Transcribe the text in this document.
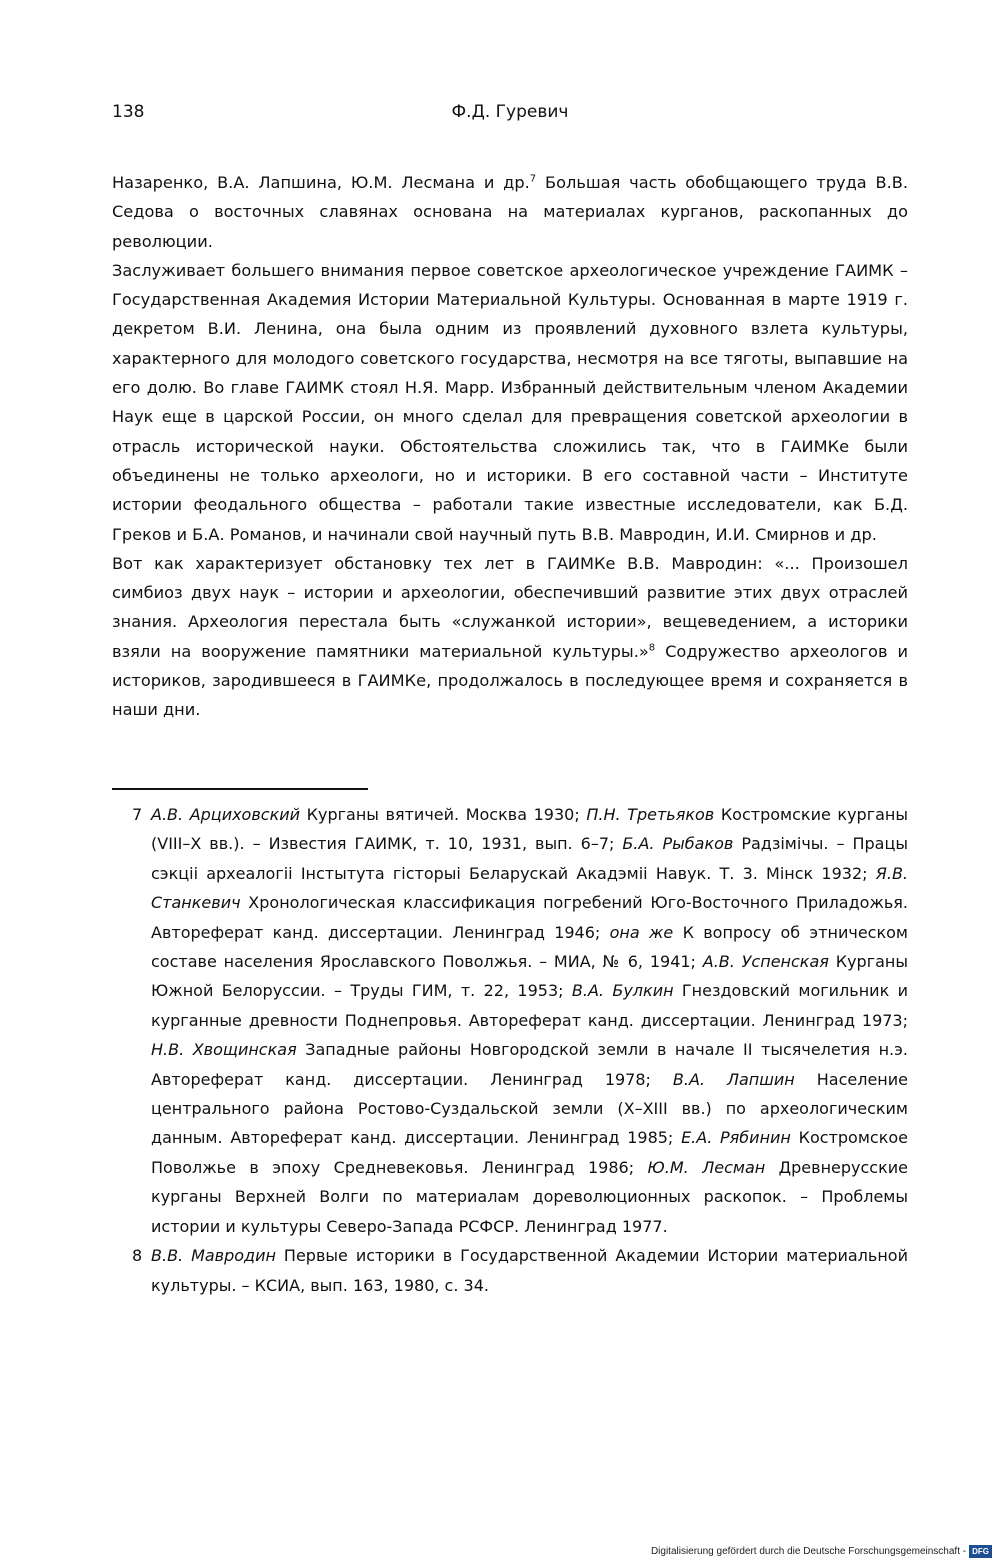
138	Ф.Д. Гуревич

Назаренко, В.А. Лапшина, Ю.М. Лесмана и др.$^7$ Большая часть обобщающего труда В.В. Седова о восточных славянах основана на материалах курганов, раскопанных до революции.

Заслуживает большего внимания первое советское археологическое учреждение ГАИМК – Государственная Академия Истории Материальной Культуры. Основанная в марте 1919 г. декретом В.И. Ленина, она была одним из проявлений духовного взлета культуры, характерного для молодого советского государства, несмотря на все тяготы, выпавшие на его долю. Во главе ГАИМК стоял Н.Я. Марр. Избранный действительным членом Академии Наук еще в царской России, он много сделал для превращения советской археологии в отрасль исторической науки. Обстоятельства сложились так, что в ГАИМКе были объединены не только археологи, но и историки. В его составной части – Институте истории феодального общества – работали такие известные исследователи, как Б.Д. Греков и Б.А. Романов, и начинали свой научный путь В.В. Мавродин, И.И. Смирнов и др.

Вот как характеризует обстановку тех лет в ГАИМКе В.В. Мавродин: «... Произошел симбиоз двух наук – истории и археологии, обеспечивший развитие этих двух отраслей знания. Археология перестала быть «служанкой истории», вещеведением, а историки взяли на вооружение памятники материальной культуры.»$^8$ Содружество археологов и историков, зародившееся в ГАИМКе, продолжалось в последующее время и сохраняется в наши дни.

7 А.В. Арциховский Курганы вятичей. Москва 1930; П.Н. Третьяков Костромские курганы (VIII–X вв.). – Известия ГАИМК, т. 10, 1931, вып. 6–7; Б.А. Рыбаков Радзiмiчы. – Працы сэкцii археалогii Iнстытута гiсторыi Беларускай Акадэмii Навук. Т. 3. Мiнск 1932; Я.В. Станкевич Хронологическая классификация погребений Юго-Восточного Приладожья. Автореферат канд. диссертации. Ленинград 1946; она же К вопросу об этническом составе населения Ярославского Поволжья. – МИА, № 6, 1941; А.В. Успенская Курганы Южной Белоруссии. – Труды ГИМ, т. 22, 1953; В.А. Булкин Гнездовский могильник и курганные древности Поднепровья. Автореферат канд. диссертации. Ленинград 1973; Н.В. Хвощинская Западные районы Новгородской земли в начале II тысячелетия н.э. Автореферат канд. диссертации. Ленинград 1978; В.А. Лапшин Население центрального района Ростово-Суздальской земли (X–XIII вв.) по археологическим данным. Автореферат канд. диссертации. Ленинград 1985; Е.А. Рябинин Костромское Поволжье в эпоху Средневековья. Ленинград 1986; Ю.М. Лесман Древнерусские курганы Верхней Волги по материалам дореволюционных раскопок. – Проблемы истории и культуры Северо-Запада РСФСР. Ленинград 1977.

8 В.В. Мавродин Первые историки в Государственной Академии Истории материальной культуры. – КСИА, вып. 163, 1980, с. 34.

Digitalisierung gefördert durch die Deutsche Forschungsgemeinschaft - DFG
